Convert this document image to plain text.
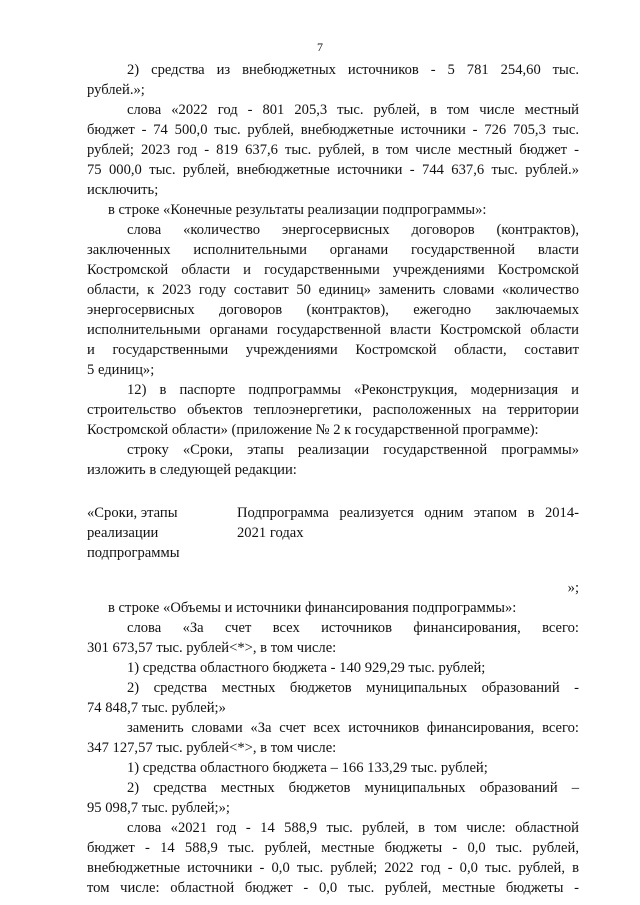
7
2) средства из внебюджетных источников - 5 781 254,60 тыс.
рублей.»;
слова «2022 год - 801 205,3 тыс. рублей, в том числе местный
бюджет - 74 500,0 тыс. рублей, внебюджетные источники - 726 705,3 тыс.
рублей; 2023 год - 819 637,6 тыс. рублей, в том числе местный бюджет -
75 000,0 тыс. рублей, внебюджетные источники - 744 637,6 тыс. рублей.»
исключить;
в строке «Конечные результаты реализации подпрограммы»:
слова «количество энергосервисных договоров (контрактов),
заключенных исполнительными органами государственной власти
Костромской области и государственными учреждениями Костромской
области, к 2023 году составит 50 единиц» заменить словами «количество
энергосервисных договоров (контрактов), ежегодно заключаемых
исполнительными органами государственной власти Костромской области
и государственными учреждениями Костромской области, составит
5 единиц»;
12) в паспорте подпрограммы «Реконструкция, модернизация и
строительство объектов теплоэнергетики, расположенных на территории
Костромской области» (приложение № 2 к государственной программе):
строку «Сроки, этапы реализации государственной программы»
изложить в следующей редакции:
«Сроки, этапы
реализации
подпрограммы
Подпрограмма реализуется одним этапом в 2014-
2021 годах
»;
в строке «Объемы и источники финансирования подпрограммы»:
слова «За счет всех источников финансирования, всего:
301 673,57 тыс. рублей<*>, в том числе:
1) средства областного бюджета - 140 929,29 тыс. рублей;
2) средства местных бюджетов муниципальных образований -
74 848,7 тыс. рублей;»
заменить словами «За счет всех источников финансирования, всего:
347 127,57 тыс. рублей<*>, в том числе:
1) средства областного бюджета – 166 133,29 тыс. рублей;
2) средства местных бюджетов муниципальных образований –
95 098,7 тыс. рублей;»;
слова «2021 год - 14 588,9 тыс. рублей, в том числе: областной
бюджет - 14 588,9 тыс. рублей, местные бюджеты - 0,0 тыс. рублей,
внебюджетные источники - 0,0 тыс. рублей; 2022 год - 0,0 тыс. рублей, в
том числе: областной бюджет - 0,0 тыс. рублей, местные бюджеты -
